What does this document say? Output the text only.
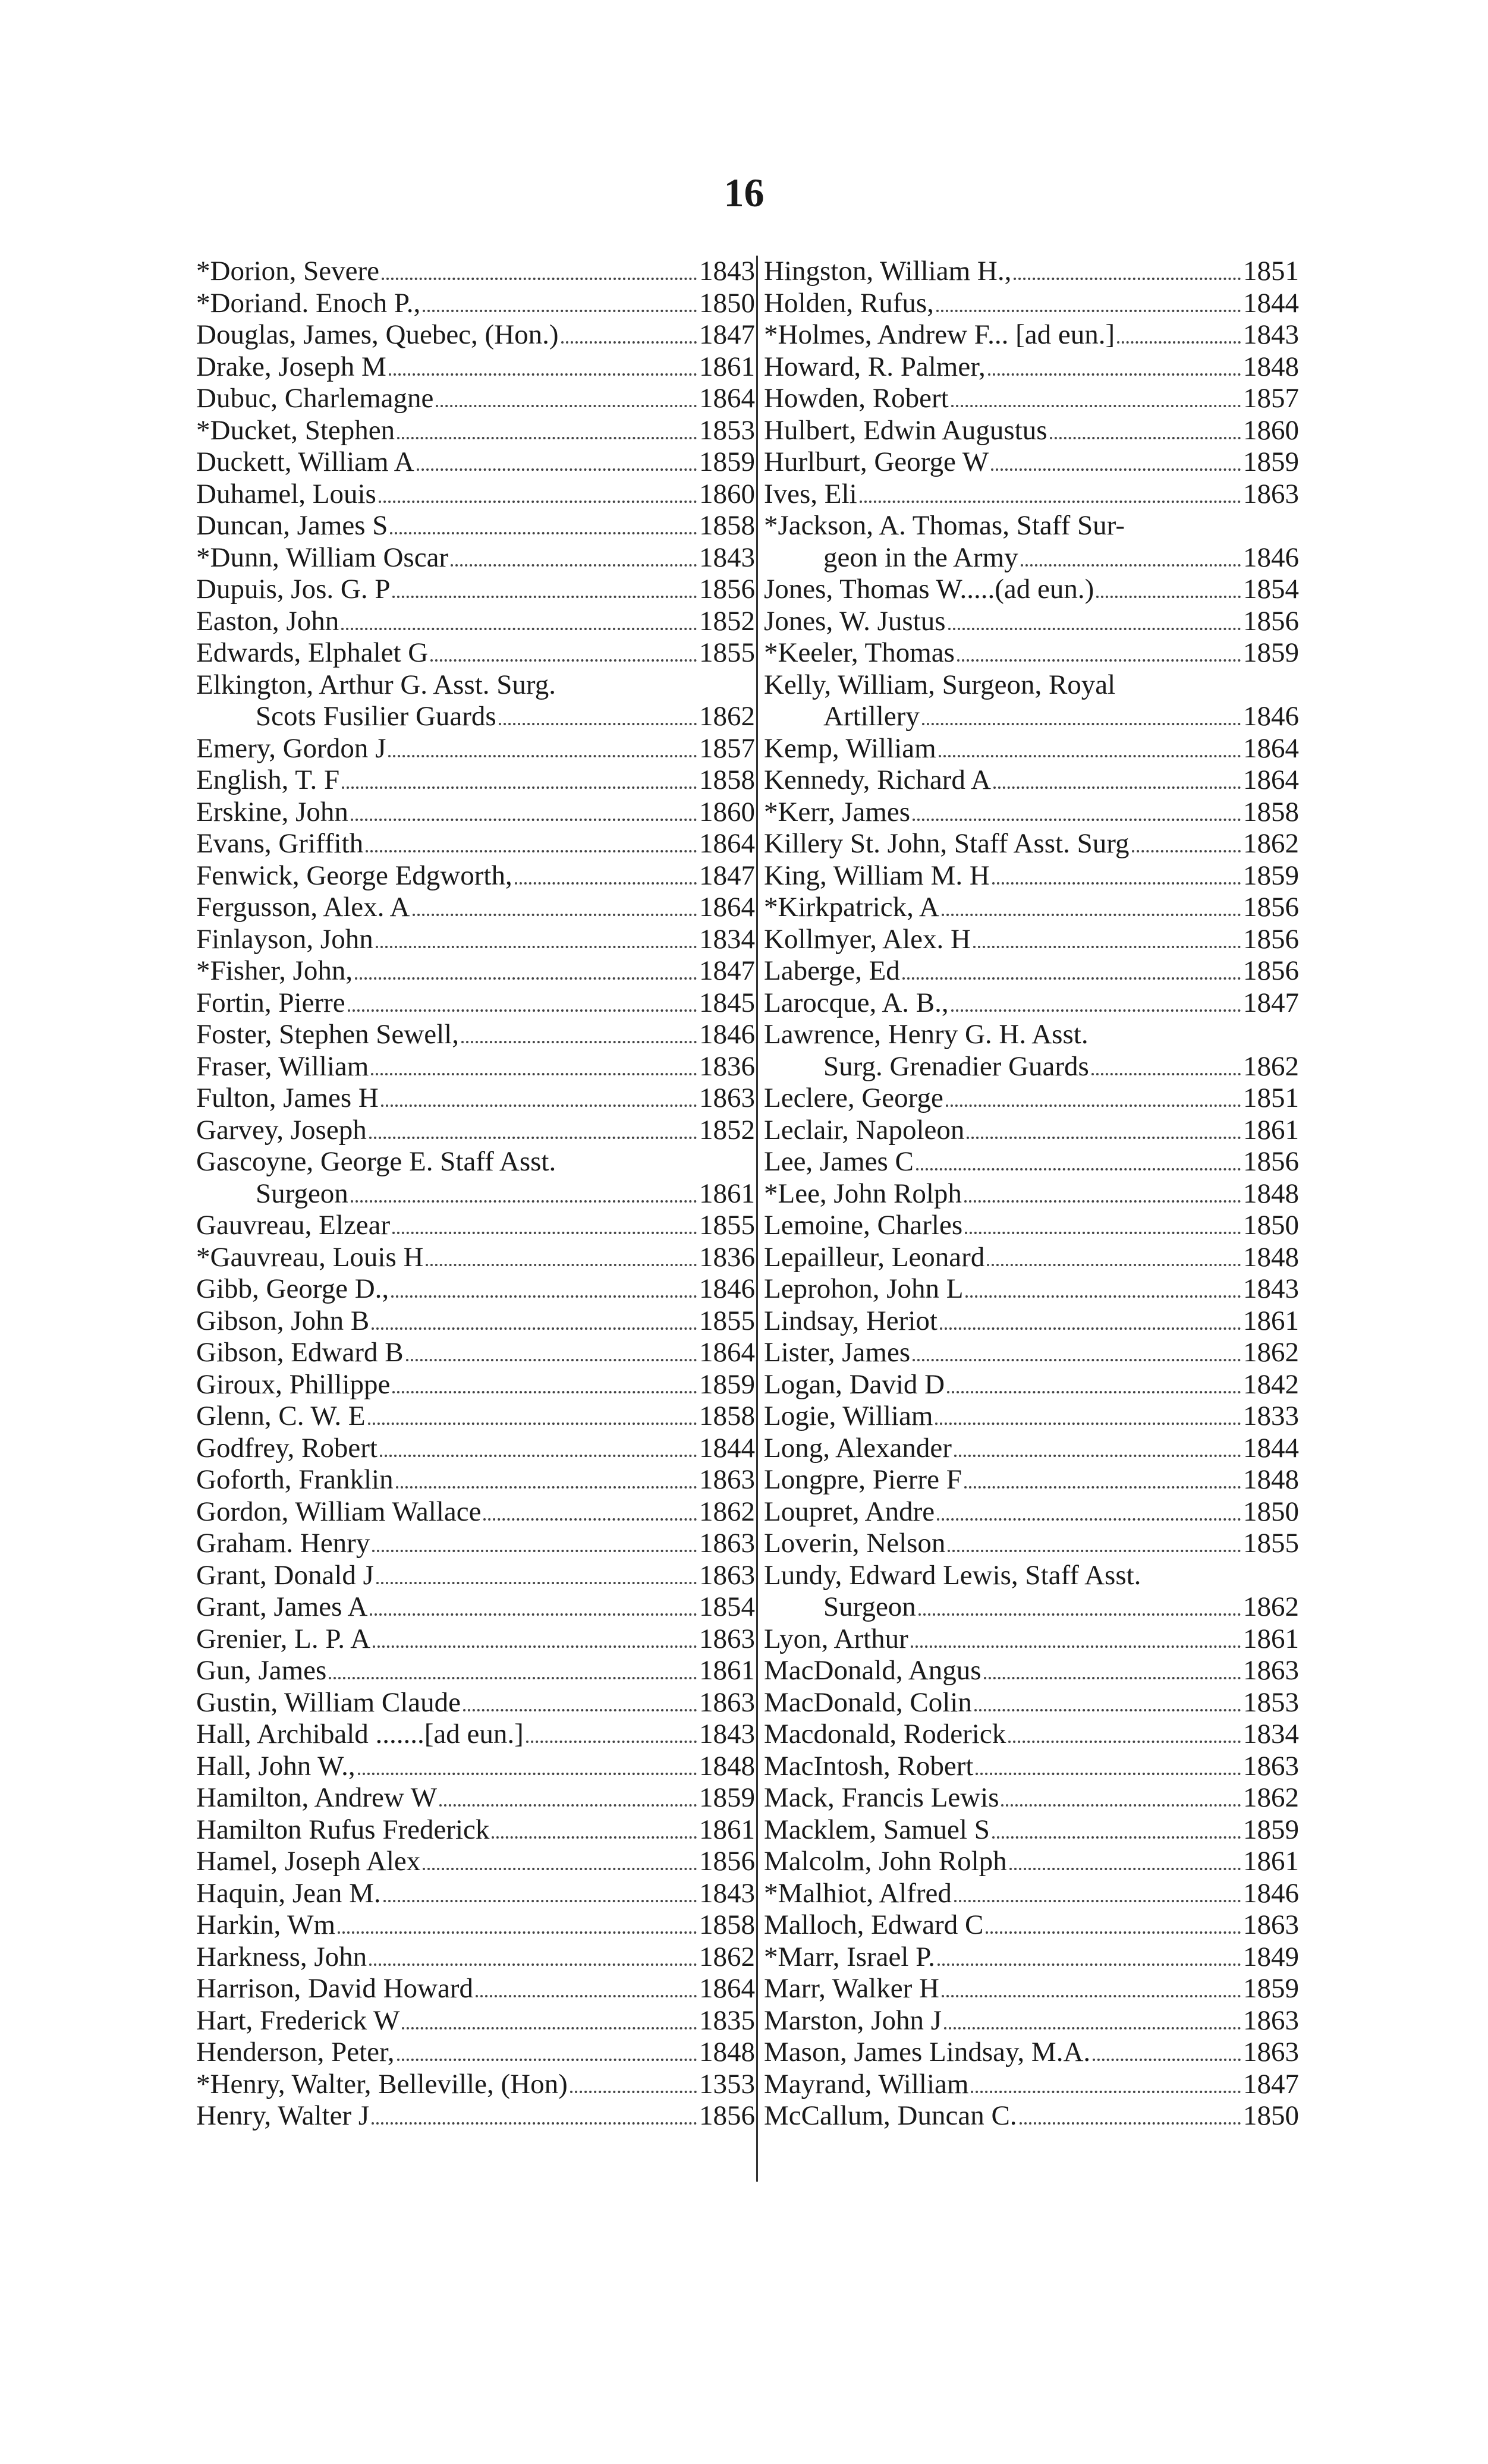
16
*Dorion, Severe	1843
*Doriand. Enoch P.,	1850
Douglas, James, Quebec, (Hon.)	1847
Drake, Joseph M	1861
Dubuc, Charlemagne	1864
*Ducket, Stephen	1853
Duckett, William A	1859
Duhamel, Louis	1860
Duncan, James S	1858
*Dunn, William Oscar	1843
Dupuis, Jos. G. P	1856
Easton, John	1852
Edwards, Elphalet G	1855
Elkington, Arthur G. Asst. Surg.
Scots Fusilier Guards	1862
Emery, Gordon J	1857
English, T. F	1858
Erskine, John	1860
Evans, Griffith	1864
Fenwick, George Edgworth,	1847
Fergusson, Alex. A	1864
Finlayson, John	1834
*Fisher, John,	1847
Fortin, Pierre	1845
Foster, Stephen Sewell,	1846
Fraser, William	1836
Fulton, James H	1863
Garvey, Joseph	1852
Gascoyne, George E. Staff Asst.
Surgeon	1861
Gauvreau, Elzear	1855
*Gauvreau, Louis H	1836
Gibb, George D.,	1846
Gibson, John B	1855
Gibson, Edward B	1864
Giroux, Phillippe	1859
Glenn, C. W. E	1858
Godfrey, Robert	1844
Goforth, Franklin	1863
Gordon, William Wallace	1862
Graham. Henry	1863
Grant, Donald J	1863
Grant, James A	1854
Grenier, L. P. A	1863
Gun, James	1861
Gustin, William Claude	1863
Hall, Archibald .......[ad eun.]	1843
Hall, John W.,	1848
Hamilton, Andrew W	1859
Hamilton Rufus Frederick	1861
Hamel, Joseph Alex	1856
Haquin, Jean M.	1843
Harkin, Wm	1858
Harkness, John	1862
Harrison, David Howard	1864
Hart, Frederick W	1835
Henderson, Peter,	1848
*Henry, Walter, Belleville, (Hon)	1353
Henry, Walter J	1856
Hingston, William H.,	1851
Holden, Rufus,	1844
*Holmes, Andrew F... [ad eun.]	1843
Howard, R. Palmer,	1848
Howden, Robert	1857
Hulbert, Edwin Augustus	1860
Hurlburt, George W	1859
Ives, Eli	1863
*Jackson, A. Thomas, Staff Sur-
geon in the Army	1846
Jones, Thomas W.....(ad eun.)	1854
Jones, W. Justus	1856
*Keeler, Thomas	1859
Kelly, William, Surgeon, Royal
Artillery	1846
Kemp, William	1864
Kennedy, Richard A	1864
*Kerr, James	1858
Killery St. John, Staff Asst. Surg	1862
King, William M. H	1859
*Kirkpatrick, A	1856
Kollmyer, Alex. H	1856
Laberge, Ed	1856
Larocque, A. B.,	1847
Lawrence, Henry G. H. Asst.
Surg. Grenadier Guards	1862
Leclere, George	1851
Leclair, Napoleon	1861
Lee, James C	1856
*Lee, John Rolph	1848
Lemoine, Charles	1850
Lepailleur, Leonard	1848
Leprohon, John L	1843
Lindsay, Heriot	1861
Lister, James	1862
Logan, David D	1842
Logie, William	1833
Long, Alexander	1844
Longpre, Pierre F	1848
Loupret, Andre	1850
Loverin, Nelson	1855
Lundy, Edward Lewis, Staff Asst.
Surgeon	1862
Lyon, Arthur	1861
MacDonald, Angus	1863
MacDonald, Colin	1853
Macdonald, Roderick	1834
MacIntosh, Robert	1863
Mack, Francis Lewis	1862
Macklem, Samuel S	1859
Malcolm, John Rolph	1861
*Malhiot, Alfred	1846
Malloch, Edward C	1863
*Marr, Israel P.	1849
Marr, Walker H	1859
Marston, John J	1863
Mason, James Lindsay, M.A.	1863
Mayrand, William	1847
McCallum, Duncan C.	1850
